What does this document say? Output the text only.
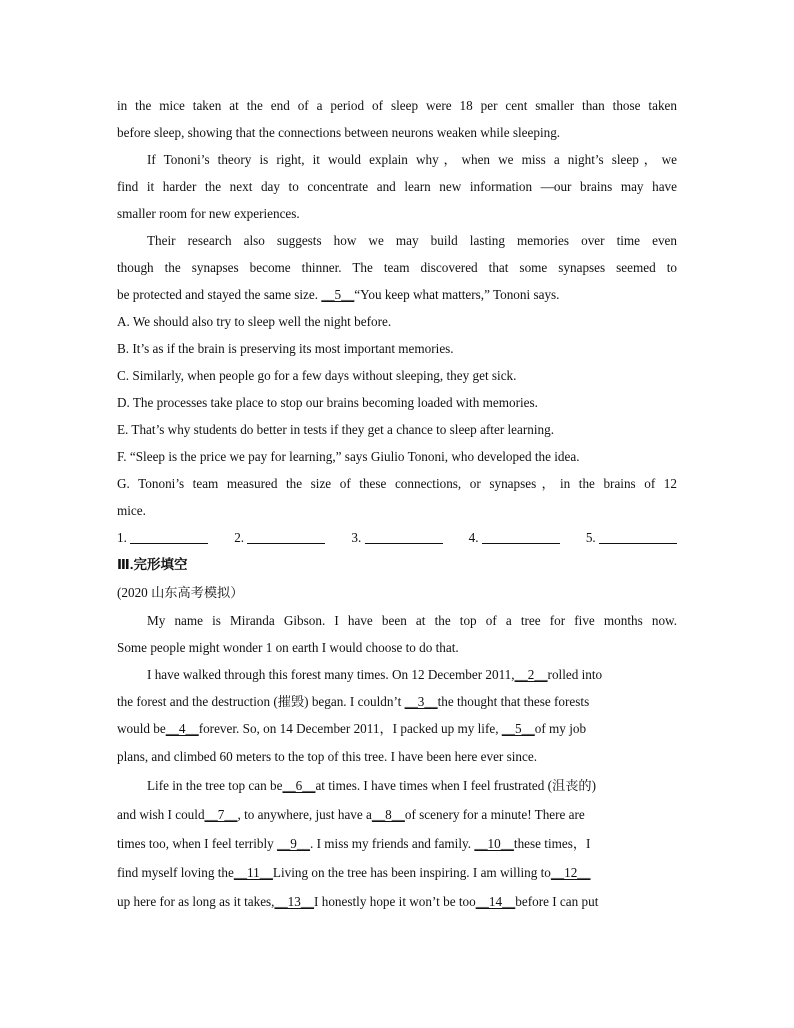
in the mice taken at the end of a period of sleep were 18 per cent smaller than those taken
before sleep, showing that the connections between neurons weaken while sleeping.
If Tononi’s theory is right, it would explain why，when we miss a night’s sleep，we
find it harder the next day to concentrate and learn new information —our brains may have
smaller room for new experiences.
Their research also suggests how we may build lasting memories over time even
though the synapses become thinner. The team discovered that some synapses seemed to
be protected and stayed the same size. __5__“You keep what matters,” Tononi says.
A. We should also try to sleep well the night before.
B. It’s as if the brain is preserving its most important memories.
C. Similarly, when people go for a few days without sleeping, they get sick.
D. The processes take place to stop our brains becoming loaded with memories.
E. That’s why students do better in tests if they get a chance to sleep after learning.
F. “Sleep is the price we pay for learning,” says Giulio Tononi, who developed the idea.
G. Tononi’s team measured the size of these connections, or synapses，in the brains of 12
mice.
1.	2.	3.	4.	5.
Ⅲ.完形填空
(2020 山东高考模拟）
My name is Miranda Gibson. I have been at the top of a tree for five months now.
Some people might wonder 1 on earth I would choose to do that.
I have walked through this forest many times. On 12 December 2011,__2__rolled into
the forest and the destruction (摧毁) began. I couldn’t __3__the thought that these forests
would be__4__forever. So, on 14 December 2011，I packed up my life, __5__of my job
plans, and climbed 60 meters to the top of this tree. I have been here ever since.
Life in the tree top can be__6__at times. I have times when I feel frustrated (沮丧的)
and wish I could__7__, to anywhere, just have a__8__of scenery for a minute! There are
times too, when I feel terribly __9__. I miss my friends and family. __10__these times，I
find myself loving the__11__Living on the tree has been inspiring. I am willing to__12__
up here for as long as it takes,__13__I honestly hope it won’t be too__14__before I can put
